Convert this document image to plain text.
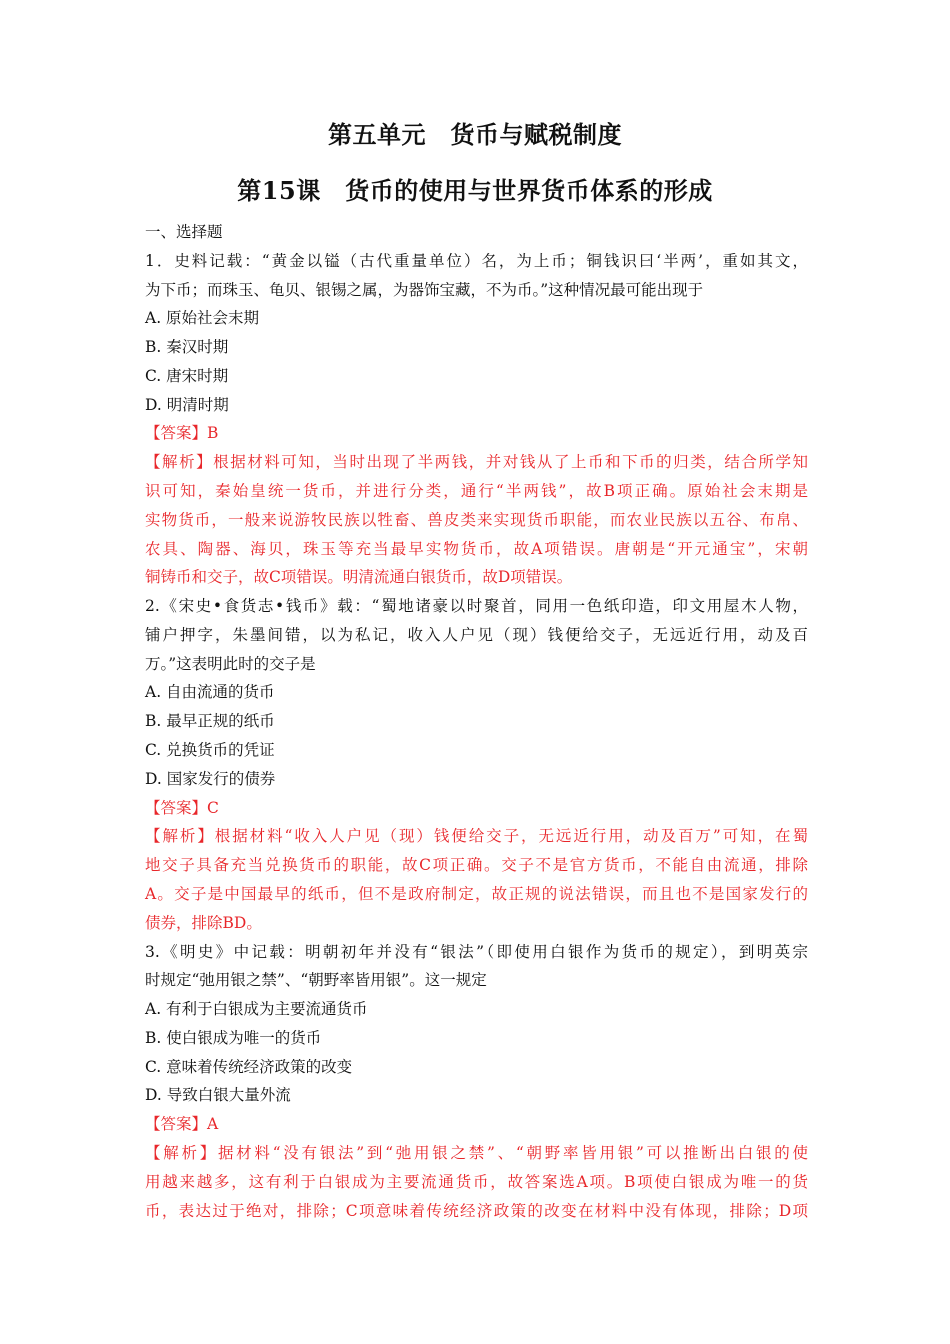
第五单元　货币与赋税制度
第15课　货币的使用与世界货币体系的形成
一、选择题
1．史料记载：“黄金以镒（古代重量单位）名，为上币；铜钱识曰‘半两’，重如其文，
为下币；而珠玉、龟贝、银锡之属，为器饰宝藏，不为币。”这种情况最可能出现于
A. 原始社会末期
B. 秦汉时期
C. 唐宋时期
D. 明清时期
【答案】B
【解析】根据材料可知，当时出现了半两钱，并对钱从了上币和下币的归类，结合所学知
识可知，秦始皇统一货币，并进行分类，通行“半两钱”，故B项正确。原始社会末期是
实物货币，一般来说游牧民族以牲畜、兽皮类来实现货币职能，而农业民族以五谷、布帛、
农具、陶器、海贝，珠玉等充当最早实物货币，故A项错误。唐朝是“开元通宝”，宋朝
铜铸币和交子，故C项错误。明清流通白银货币，故D项错误。
2.《宋史•食货志•钱币》载：“蜀地诸豪以时聚首，同用一色纸印造，印文用屋木人物，
铺户押字，朱墨间错，以为私记，收入人户见（现）钱便给交子，无远近行用，动及百
万。”这表明此时的交子是
A. 自由流通的货币
B. 最早正规的纸币
C. 兑换货币的凭证
D. 国家发行的债券
【答案】C
【解析】根据材料“收入人户见（现）钱便给交子，无远近行用，动及百万”可知，在蜀
地交子具备充当兑换货币的职能，故C项正确。交子不是官方货币，不能自由流通，排除
A。交子是中国最早的纸币，但不是政府制定，故正规的说法错误，而且也不是国家发行的
债券，排除BD。
3.《明史》中记载：明朝初年并没有“银法”（即使用白银作为货币的规定），到明英宗
时规定“弛用银之禁”、“朝野率皆用银”。这一规定
A. 有利于白银成为主要流通货币
B. 使白银成为唯一的货币
C. 意味着传统经济政策的改变
D. 导致白银大量外流
【答案】A
【解析】据材料“没有银法”到“弛用银之禁”、“朝野率皆用银”可以推断出白银的使
用越来越多，这有利于白银成为主要流通货币，故答案选A项。B项使白银成为唯一的货
币，表达过于绝对，排除；C项意味着传统经济政策的改变在材料中没有体现，排除；D项
